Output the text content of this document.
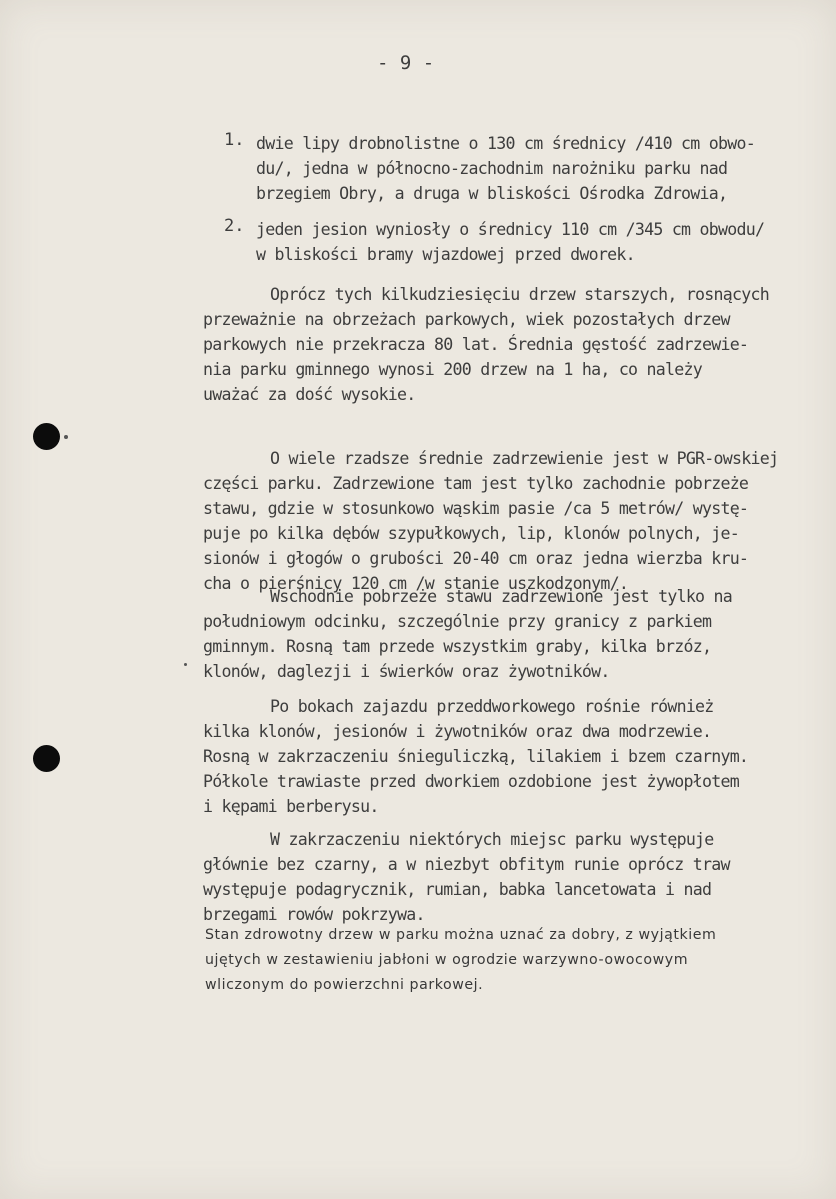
- 9 -
1. dwie lipy drobnolistne o 130 cm średnicy /410 cm obwo-
du/, jedna w północno-zachodnim narożniku parku nad
brzegiem Obry, a druga w bliskości Ośrodka Zdrowia,
2. jeden jesion wyniosły o średnicy 110 cm /345 cm obwodu/
w bliskości bramy wjazdowej przed dworek.
Oprócz tych kilkudziesięciu drzew starszych, rosnących
przeważnie na obrzeżach parkowych, wiek pozostałych drzew
parkowych nie przekracza 80 lat. Średnia gęstość zadrzewie-
nia parku gminnego wynosi 200 drzew na 1 ha, co należy
uważać za dość wysokie.
O wiele rzadsze średnie zadrzewienie jest w PGR-owskiej
części parku. Zadrzewione tam jest tylko zachodnie pobrzeże
stawu, gdzie w stosunkowo wąskim pasie /ca 5 metrów/ wystę-
puje po kilka dębów szypułkowych, lip, klonów polnych, je-
sionów i głogów o grubości 20-40 cm oraz jedna wierzba kru-
cha o pierśnicy 120 cm /w stanie uszkodzonym/.
Wschodnie pobrzeże stawu zadrzewione jest tylko na
południowym odcinku, szczególnie przy granicy z parkiem
gminnym. Rosną tam przede wszystkim graby, kilka brzóz,
klonów, daglezji i świerków oraz żywotników.
Po bokach zajazdu przeddworkowego rośnie również
kilka klonów, jesionów i żywotników oraz dwa modrzewie.
Rosną w zakrzaczeniu śnieguliczką, lilakiem i bzem czarnym.
Półkole trawiaste przed dworkiem ozdobione jest żywopłotem
i kępami berberysu.
W zakrzaczeniu niektórych miejsc parku występuje
głównie bez czarny, a w niezbyt obfitym runie oprócz traw
występuje podagrycznik, rumian, babka lancetowata i nad
brzegami rowów pokrzywa.
Stan zdrowotny drzew w parku można uznać za dobry, z wyjątkiem
ujętych w zestawieniu jabłoni w ogrodzie warzywno-owocowym
wliczonym do powierzchni parkowej.
